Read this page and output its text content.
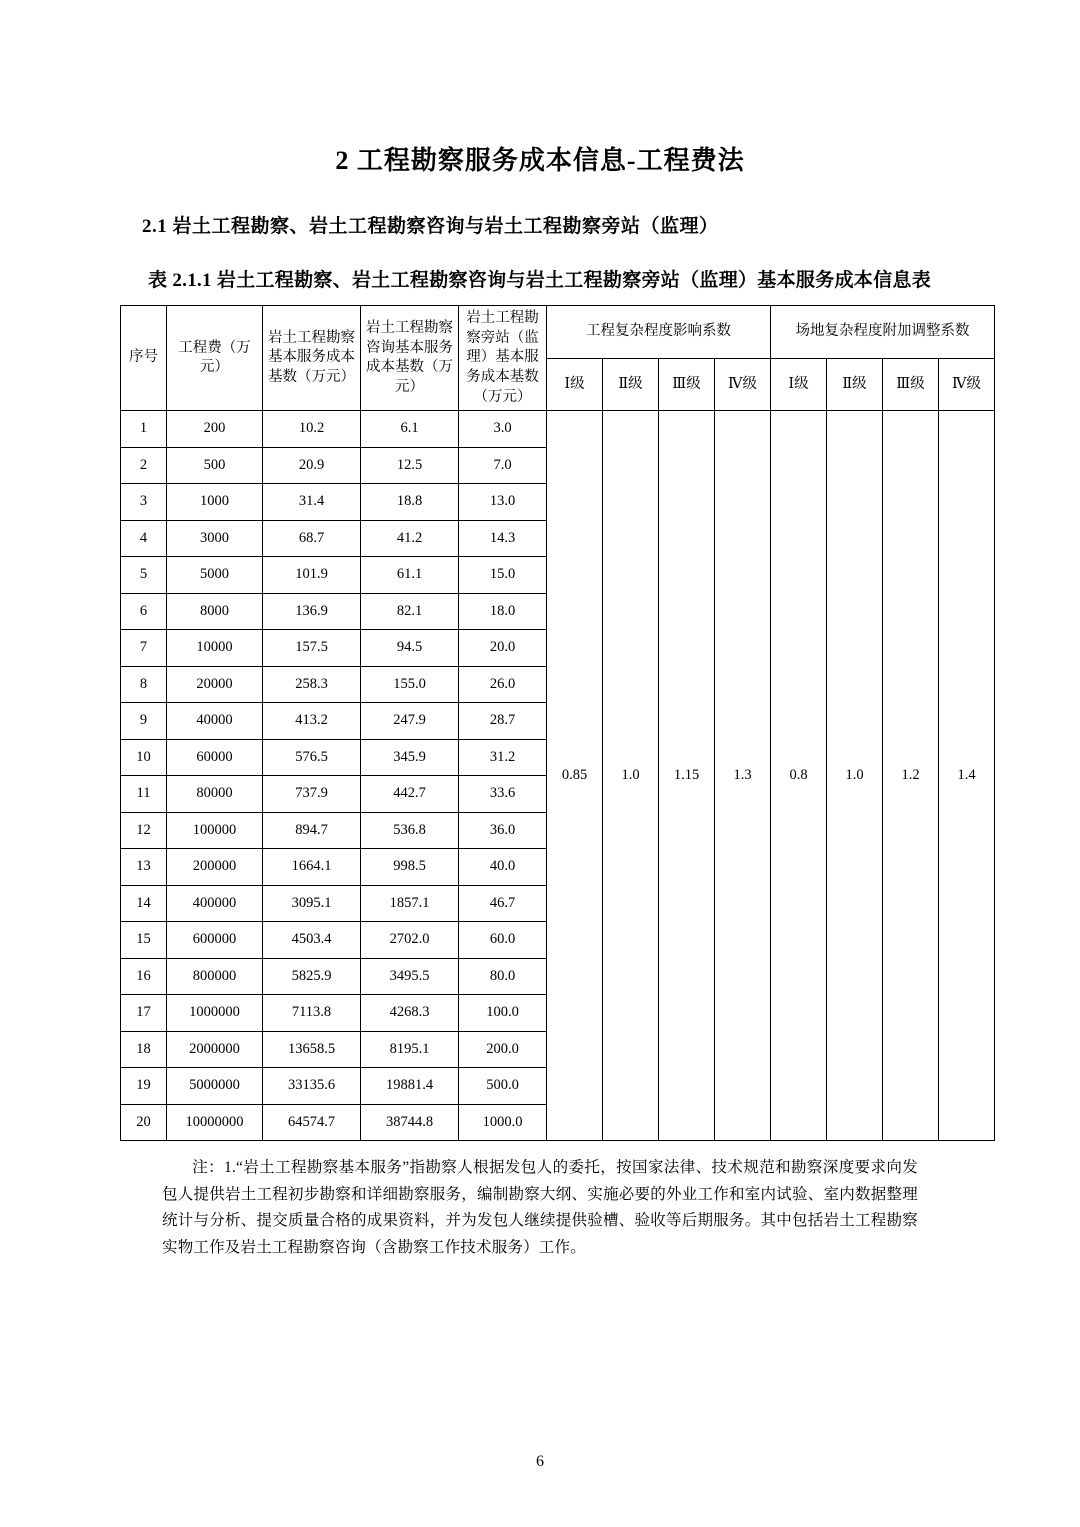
2 工程勘察服务成本信息-工程费法
2.1 岩土工程勘察、岩土工程勘察咨询与岩土工程勘察旁站（监理）
表 2.1.1 岩土工程勘察、岩土工程勘察咨询与岩土工程勘察旁站（监理）基本服务成本信息表
序号	工程费（万元）	岩土工程勘察基本服务成本基数（万元）	岩土工程勘察咨询基本服务成本基数（万元）	岩土工程勘察旁站（监理）基本服务成本基数（万元）	工程复杂程度影响系数				场地复杂程度附加调整系数			
					Ⅰ级	Ⅱ级	Ⅲ级	Ⅳ级	Ⅰ级	Ⅱ级	Ⅲ级	Ⅳ级
1	200	10.2	6.1	3.0	0.85	1.0	1.15	1.3	0.8	1.0	1.2	1.4
2	500	20.9	12.5	7.0								
3	1000	31.4	18.8	13.0								
4	3000	68.7	41.2	14.3								
5	5000	101.9	61.1	15.0								
6	8000	136.9	82.1	18.0								
7	10000	157.5	94.5	20.0								
8	20000	258.3	155.0	26.0								
9	40000	413.2	247.9	28.7								
10	60000	576.5	345.9	31.2								
11	80000	737.9	442.7	33.6								
12	100000	894.7	536.8	36.0								
13	200000	1664.1	998.5	40.0								
14	400000	3095.1	1857.1	46.7								
15	600000	4503.4	2702.0	60.0								
16	800000	5825.9	3495.5	80.0								
17	1000000	7113.8	4268.3	100.0								
18	2000000	13658.5	8195.1	200.0								
19	5000000	33135.6	19881.4	500.0								
20	10000000	64574.7	38744.8	1000.0								
注：1.“岩土工程勘察基本服务”指勘察人根据发包人的委托，按国家法律、技术规范和勘察深度要求向发包人提供岩土工程初步勘察和详细勘察服务，编制勘察大纲、实施必要的外业工作和室内试验、室内数据整理统计与分析、提交质量合格的成果资料，并为发包人继续提供验槽、验收等后期服务。其中包括岩土工程勘察实物工作及岩土工程勘察咨询（含勘察工作技术服务）工作。
6
